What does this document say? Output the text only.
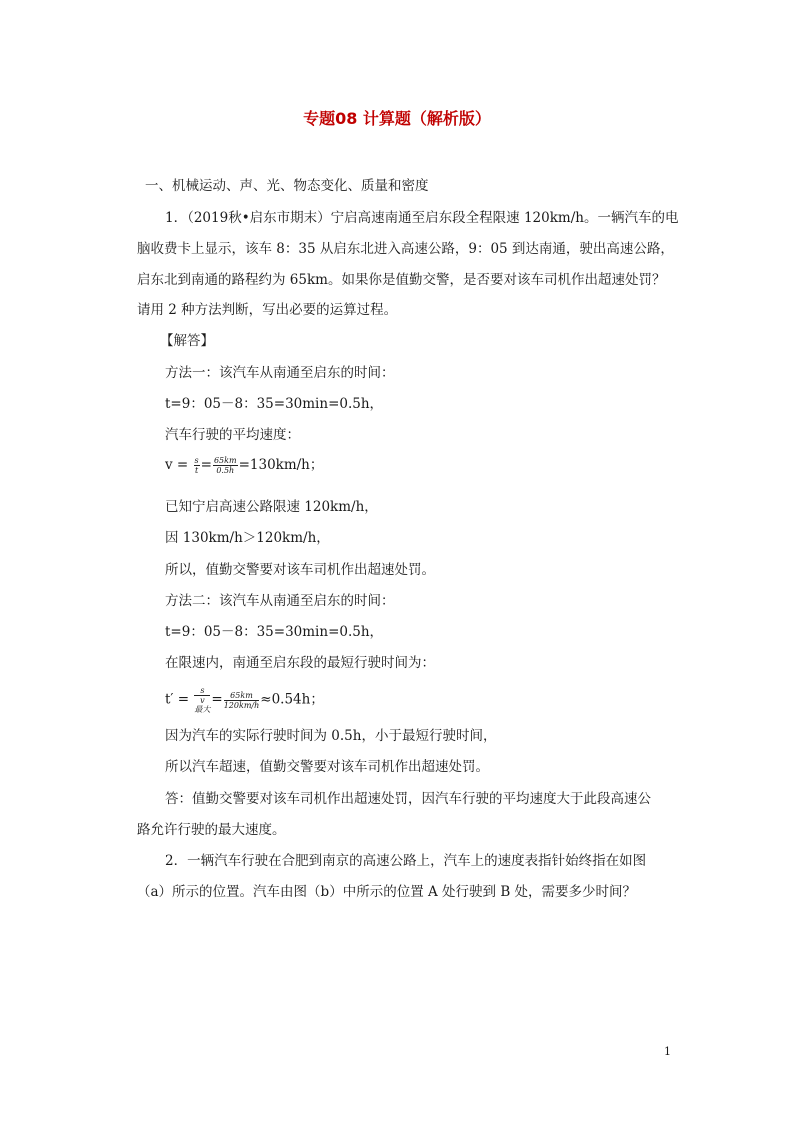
专题08 计算题（解析版）
一、机械运动、声、光、物态变化、质量和密度
1．（2019秋•启东市期末）宁启高速南通至启东段全程限速 120km/h。一辆汽车的电
脑收费卡上显示，该车 8：35 从启东北进入高速公路，9：05 到达南通，驶出高速公路，
启东北到南通的路程约为 65km。如果你是值勤交警，是否要对该车司机作出超速处罚？
请用 2 种方法判断，写出必要的运算过程。
【解答】
方法一：该汽车从南通至启东的时间：
t=9：05－8：35=30min=0.5h，
汽车行驶的平均速度：
$v = \frac{s}{t} = \frac{65km}{0.5h} =130km/h$；
已知宁启高速公路限速 120km/h，
因 130km/h＞120km/h，
所以，值勤交警要对该车司机作出超速处罚。
方法二：该汽车从南通至启东的时间：
t=9：05－8：35=30min=0.5h，
在限速内，南通至启东段的最短行驶时间为：
t′ = s
v
最大 = $\frac{65km}{120km/h} \approx 0.54h$；
因为汽车的实际行驶时间为 0.5h，小于最短行驶时间，
所以汽车超速，值勤交警要对该车司机作出超速处罚。
答：值勤交警要对该车司机作出超速处罚，因汽车行驶的平均速度大于此段高速公
路允许行驶的最大速度。
2．一辆汽车行驶在合肥到南京的高速公路上，汽车上的速度表指针始终指在如图
（a）所示的位置。汽车由图（b）中所示的位置 A 处行驶到 B 处，需要多少时间？
1
